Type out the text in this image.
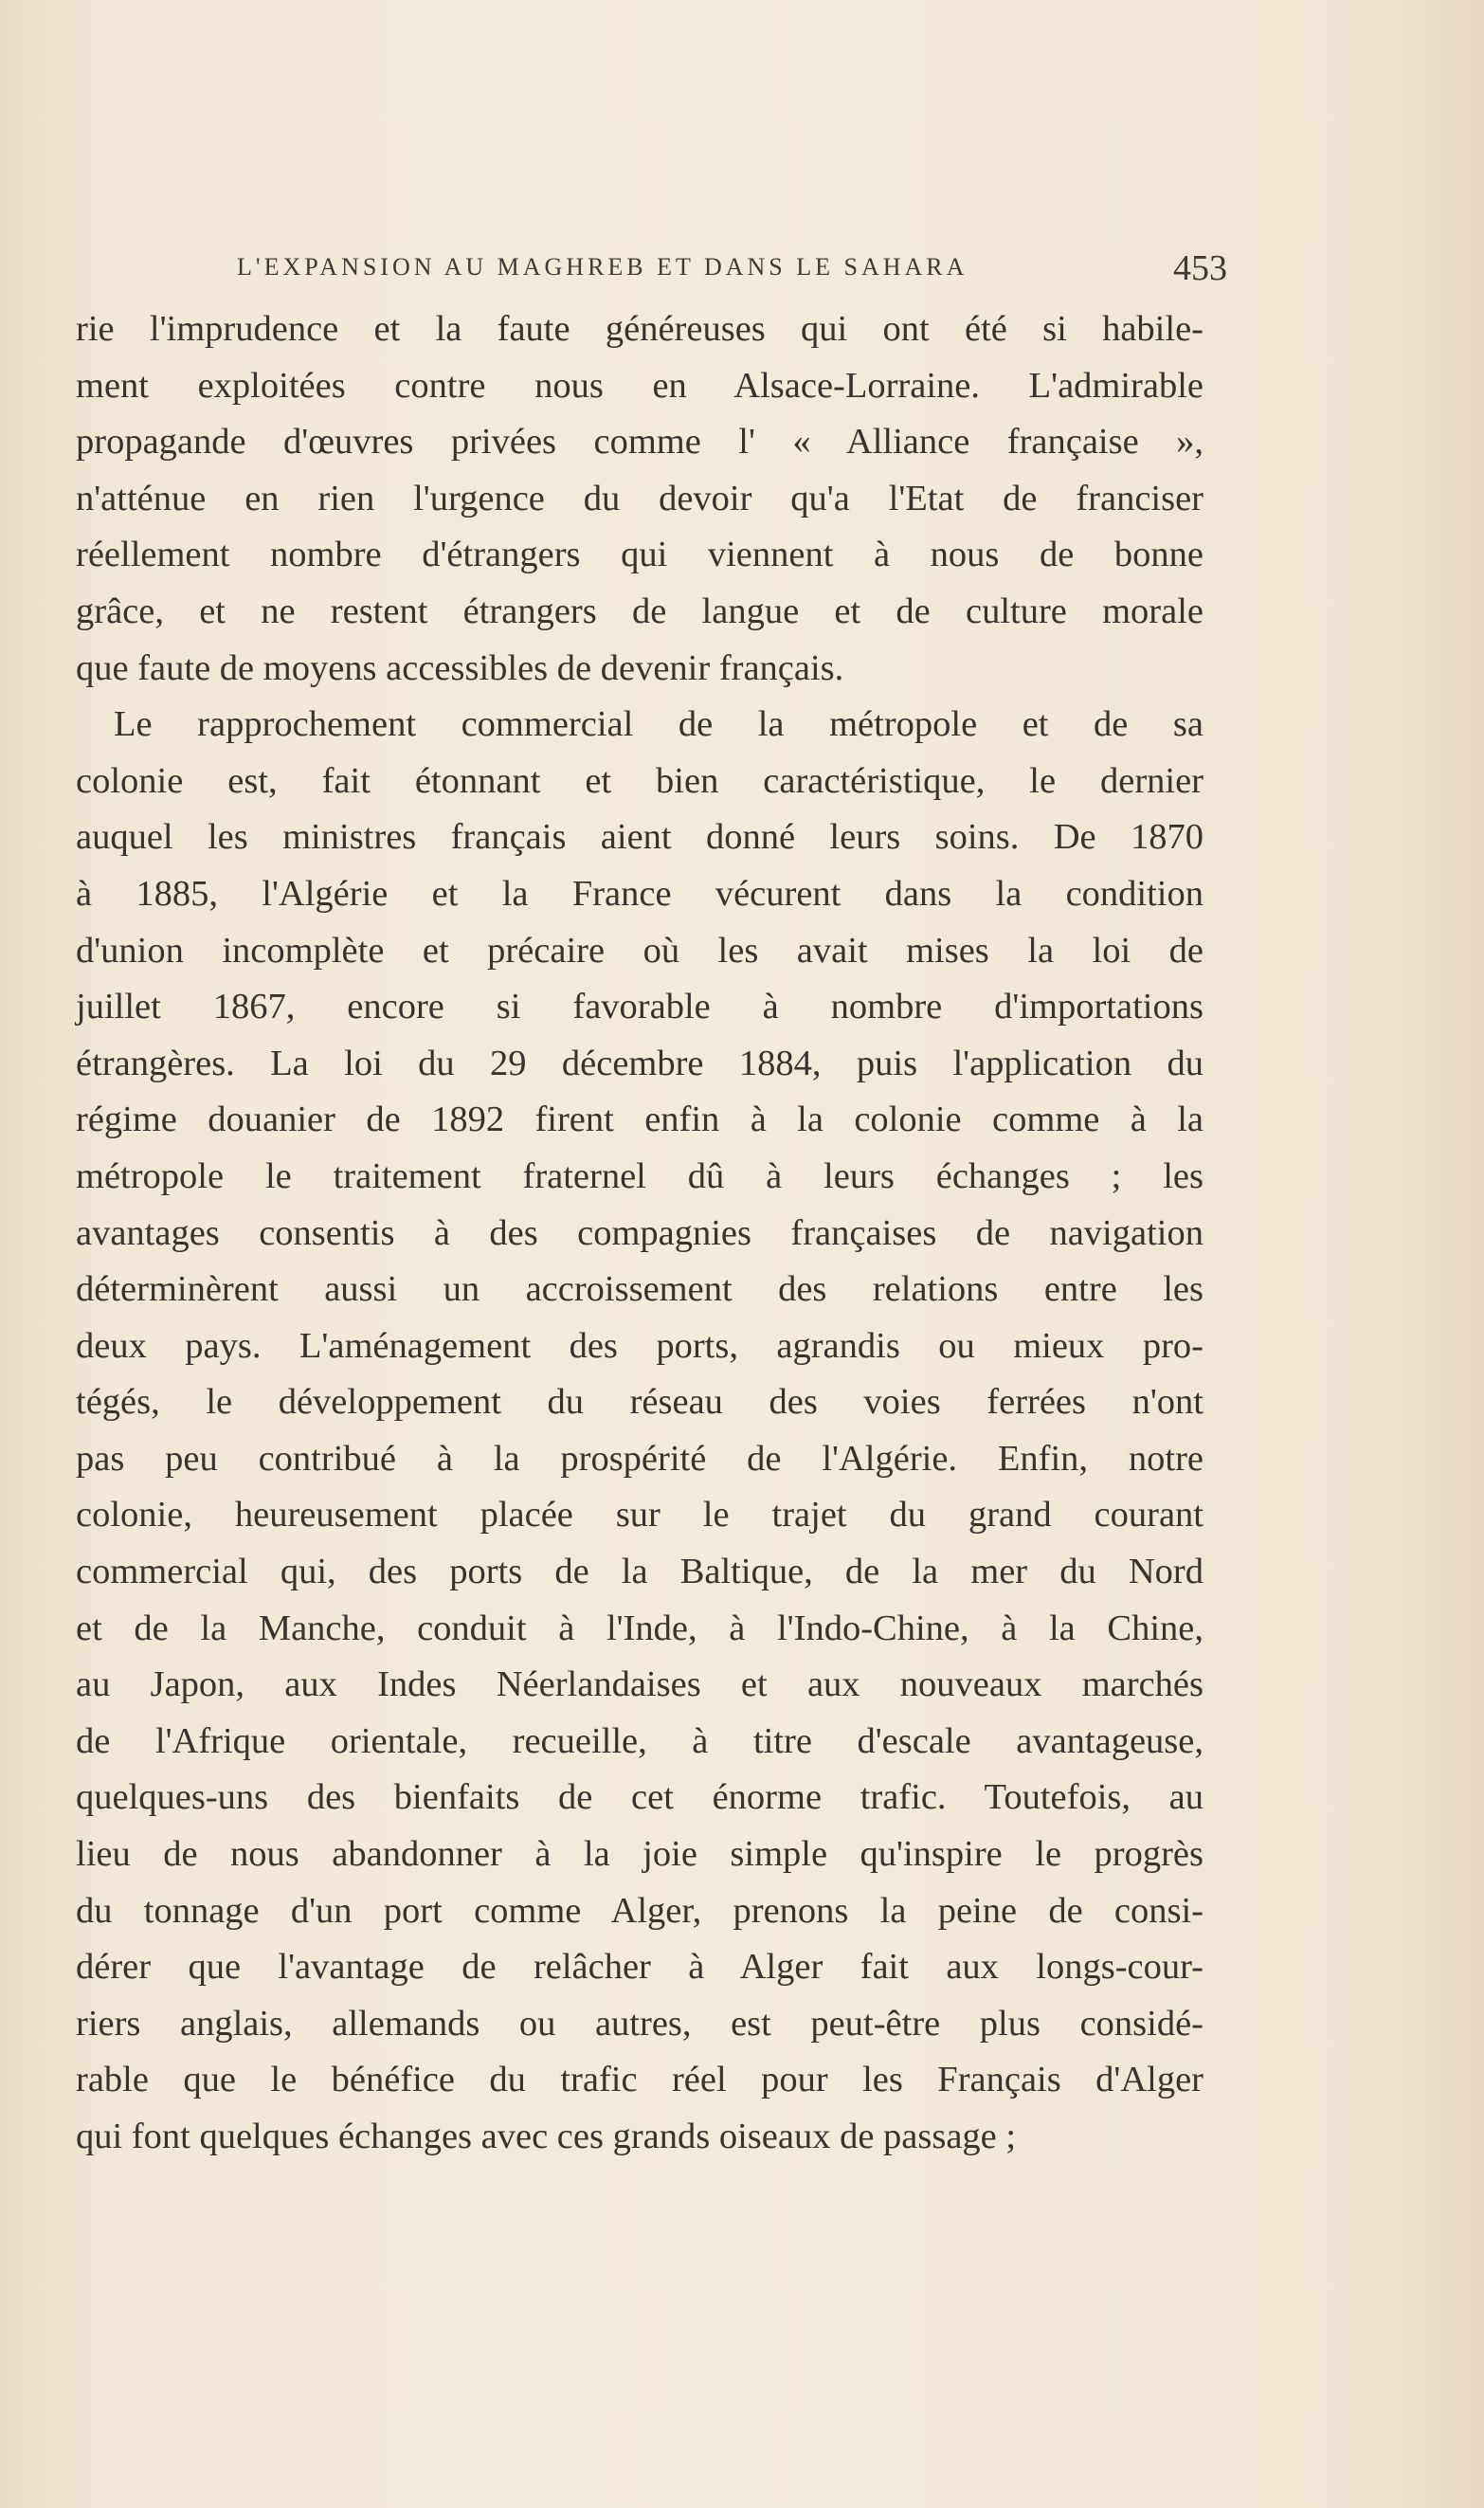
L'EXPANSION AU MAGHREB ET DANS LE SAHARA	453
rie l'imprudence et la faute généreuses qui ont été si habile-
ment exploitées contre nous en Alsace-Lorraine. L'admirable
propagande d'œuvres privées comme l' « Alliance française »,
n'atténue en rien l'urgence du devoir qu'a l'Etat de franciser
réellement nombre d'étrangers qui viennent à nous de bonne
grâce, et ne restent étrangers de langue et de culture morale
que faute de moyens accessibles de devenir français.
Le rapprochement commercial de la métropole et de sa
colonie est, fait étonnant et bien caractéristique, le dernier
auquel les ministres français aient donné leurs soins. De 1870
à 1885, l'Algérie et la France vécurent dans la condition
d'union incomplète et précaire où les avait mises la loi de
juillet 1867, encore si favorable à nombre d'importations
étrangères. La loi du 29 décembre 1884, puis l'application du
régime douanier de 1892 firent enfin à la colonie comme à la
métropole le traitement fraternel dû à leurs échanges ; les
avantages consentis à des compagnies françaises de navigation
déterminèrent aussi un accroissement des relations entre les
deux pays. L'aménagement des ports, agrandis ou mieux pro-
tégés, le développement du réseau des voies ferrées n'ont
pas peu contribué à la prospérité de l'Algérie. Enfin, notre
colonie, heureusement placée sur le trajet du grand courant
commercial qui, des ports de la Baltique, de la mer du Nord
et de la Manche, conduit à l'Inde, à l'Indo-Chine, à la Chine,
au Japon, aux Indes Néerlandaises et aux nouveaux marchés
de l'Afrique orientale, recueille, à titre d'escale avantageuse,
quelques-uns des bienfaits de cet énorme trafic. Toutefois, au
lieu de nous abandonner à la joie simple qu'inspire le progrès
du tonnage d'un port comme Alger, prenons la peine de consi-
dérer que l'avantage de relâcher à Alger fait aux longs-cour-
riers anglais, allemands ou autres, est peut-être plus considé-
rable que le bénéfice du trafic réel pour les Français d'Alger
qui font quelques échanges avec ces grands oiseaux de passage ;
